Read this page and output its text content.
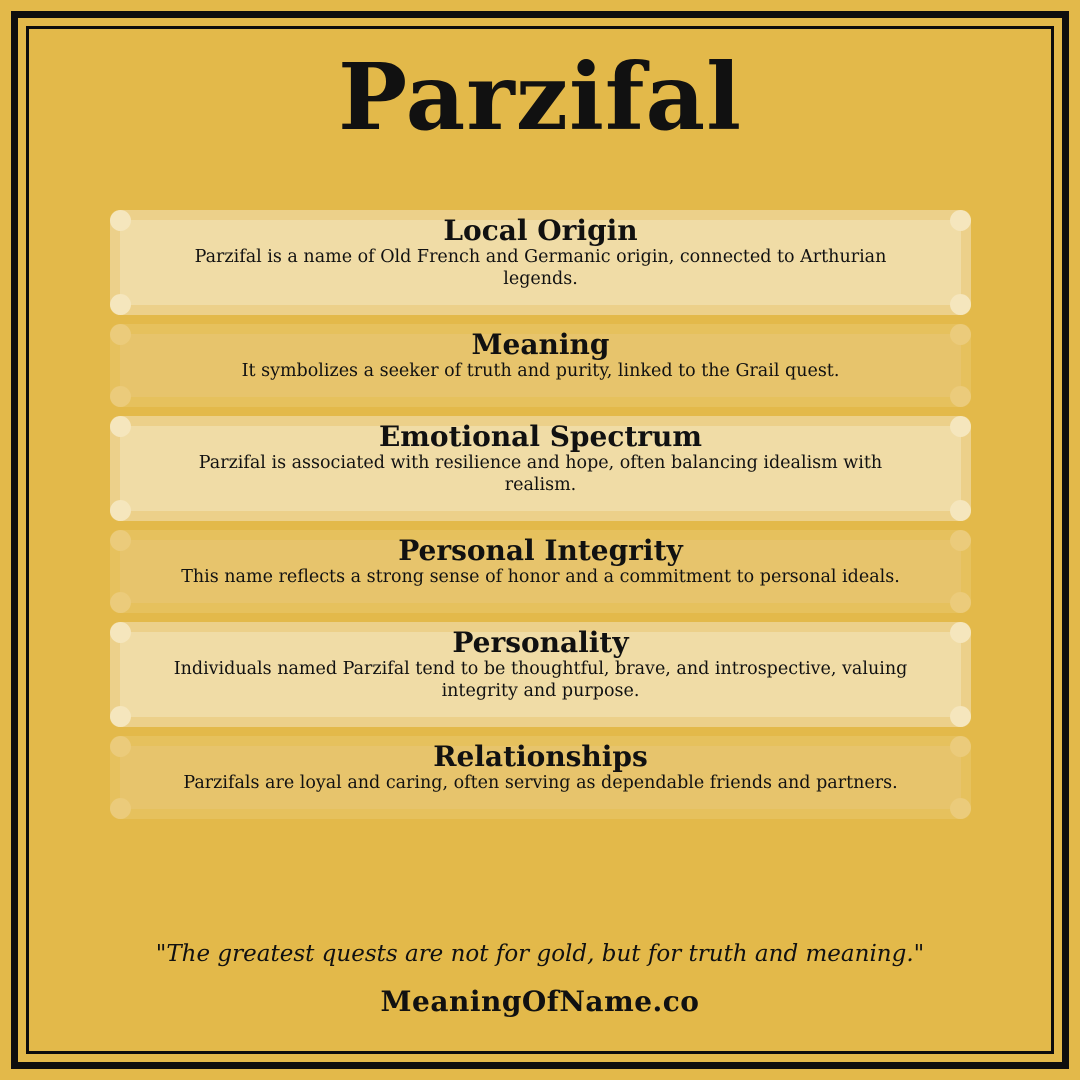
Parzifal
Local Origin
Parzifal is a name of Old French and Germanic origin, connected to Arthurian legends.
Meaning
It symbolizes a seeker of truth and purity, linked to the Grail quest.
Emotional Spectrum
Parzifal is associated with resilience and hope, often balancing idealism with realism.
Personal Integrity
This name reflects a strong sense of honor and a commitment to personal ideals.
Personality
Individuals named Parzifal tend to be thoughtful, brave, and introspective, valuing integrity and purpose.
Relationships
Parzifals are loyal and caring, often serving as dependable friends and partners.
"The greatest quests are not for gold, but for truth and meaning."
MeaningOfName.co
